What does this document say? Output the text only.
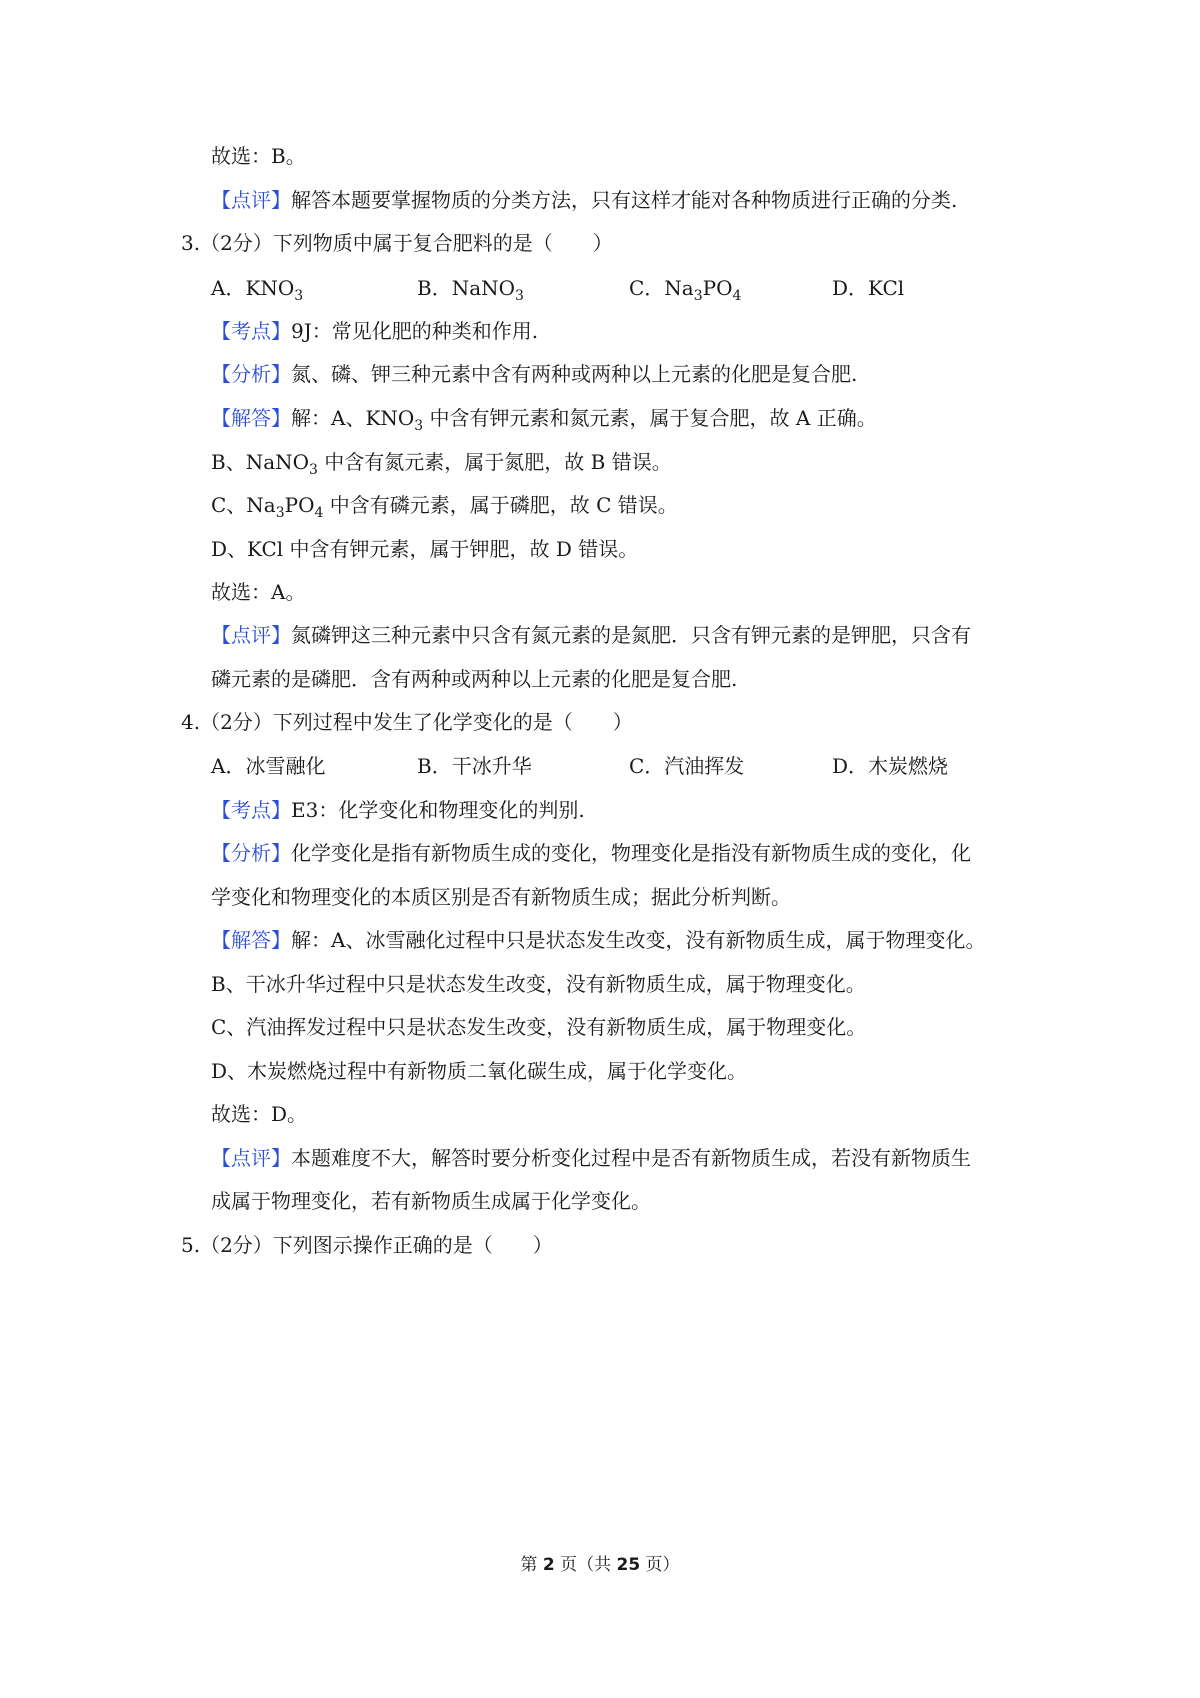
故选：B。
【点评】解答本题要掌握物质的分类方法，只有这样才能对各种物质进行正确的分类.
3.（2分）下列物质中属于复合肥料的是（　　）
A．$KNO_3$	B．NaNO$_3$	C．$Na_3PO_4$	D．KCl
【考点】9J：常见化肥的种类和作用.
【分析】氮、磷、钾三种元素中含有两种或两种以上元素的化肥是复合肥.
【解答】解：A、$KNO_3$ 中含有钾元素和氮元素，属于复合肥，故 A 正确。
B、NaNO$_3$ 中含有氮元素，属于氮肥，故 B 错误。
C、$Na_3PO_4$ 中含有磷元素，属于磷肥，故 C 错误。
D、KCl 中含有钾元素，属于钾肥，故 D 错误。
故选：A。
【点评】氮磷钾这三种元素中只含有氮元素的是氮肥．只含有钾元素的是钾肥，只含有
磷元素的是磷肥．含有两种或两种以上元素的化肥是复合肥.
4.（2分）下列过程中发生了化学变化的是（　　）
A．冰雪融化	B．干冰升华	C．汽油挥发	D．木炭燃烧
【考点】E3：化学变化和物理变化的判别.
【分析】化学变化是指有新物质生成的变化，物理变化是指没有新物质生成的变化，化
学变化和物理变化的本质区别是否有新物质生成；据此分析判断。
【解答】解：A、冰雪融化过程中只是状态发生改变，没有新物质生成，属于物理变化。
B、干冰升华过程中只是状态发生改变，没有新物质生成，属于物理变化。
C、汽油挥发过程中只是状态发生改变，没有新物质生成，属于物理变化。
D、木炭燃烧过程中有新物质二氧化碳生成，属于化学变化。
故选：D。
【点评】本题难度不大，解答时要分析变化过程中是否有新物质生成，若没有新物质生
成属于物理变化，若有新物质生成属于化学变化。
5.（2分）下列图示操作正确的是（　　）
第 2 页（共 25 页）
